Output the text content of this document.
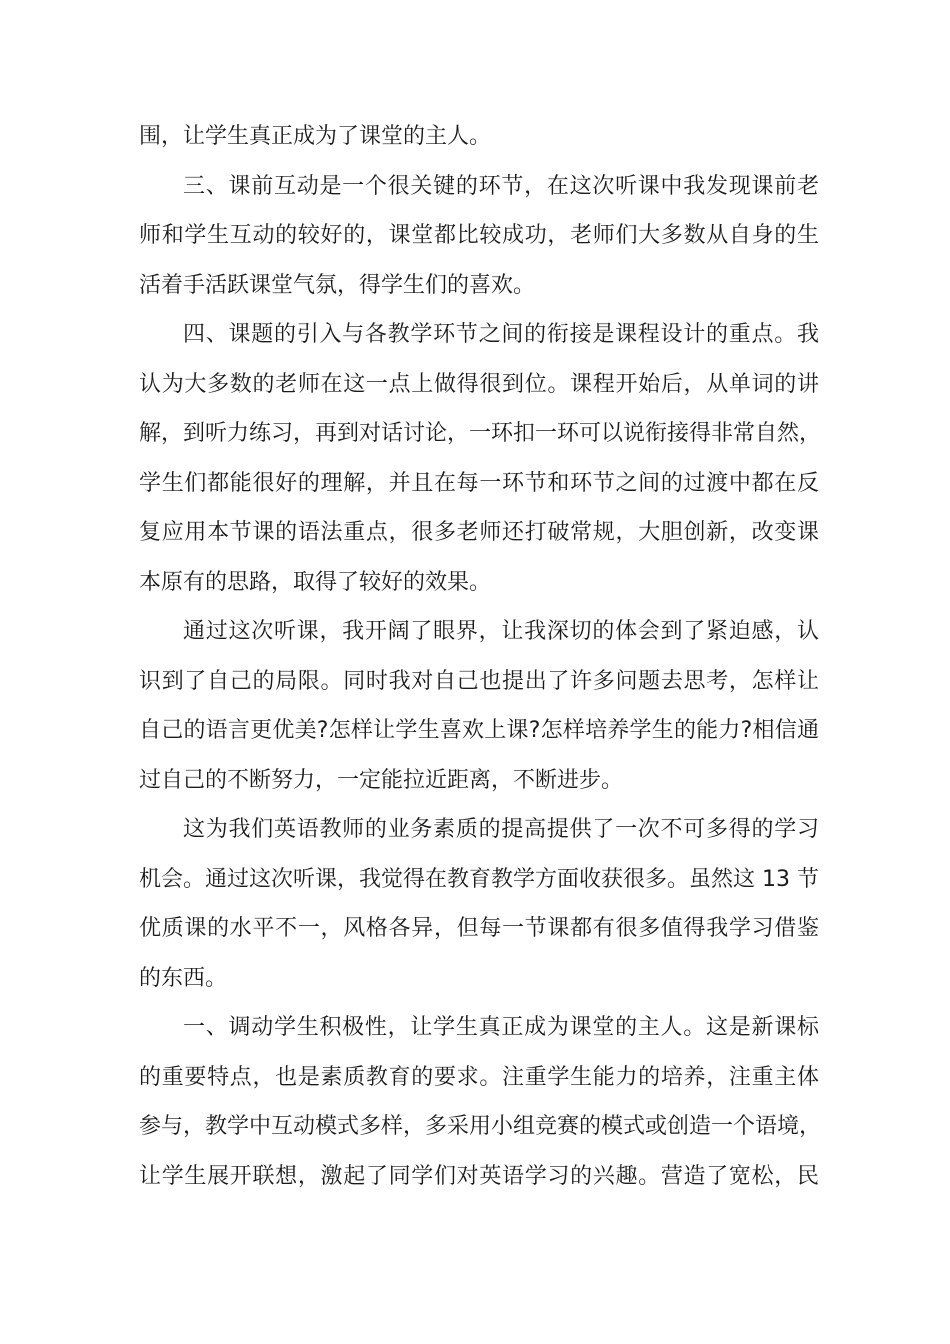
围，让学生真正成为了课堂的主人。
三、课前互动是一个很关键的环节，在这次听课中我发现课前老
师和学生互动的较好的，课堂都比较成功，老师们大多数从自身的生
活着手活跃课堂气氛，得学生们的喜欢。
四、课题的引入与各教学环节之间的衔接是课程设计的重点。我
认为大多数的老师在这一点上做得很到位。课程开始后，从单词的讲
解，到听力练习，再到对话讨论，一环扣一环可以说衔接得非常自然，
学生们都能很好的理解，并且在每一环节和环节之间的过渡中都在反
复应用本节课的语法重点，很多老师还打破常规，大胆创新，改变课
本原有的思路，取得了较好的效果。
通过这次听课，我开阔了眼界，让我深切的体会到了紧迫感，认
识到了自己的局限。同时我对自己也提出了许多问题去思考，怎样让
自己的语言更优美?怎样让学生喜欢上课?怎样培养学生的能力?相信通
过自己的不断努力，一定能拉近距离，不断进步。
这为我们英语教师的业务素质的提高提供了一次不可多得的学习
机会。通过这次听课，我觉得在教育教学方面收获很多。虽然这 13 节
优质课的水平不一，风格各异，但每一节课都有很多值得我学习借鉴
的东西。
一、调动学生积极性，让学生真正成为课堂的主人。这是新课标
的重要特点，也是素质教育的要求。注重学生能力的培养，注重主体
参与，教学中互动模式多样，多采用小组竞赛的模式或创造一个语境，
让学生展开联想，激起了同学们对英语学习的兴趣。营造了宽松，民
